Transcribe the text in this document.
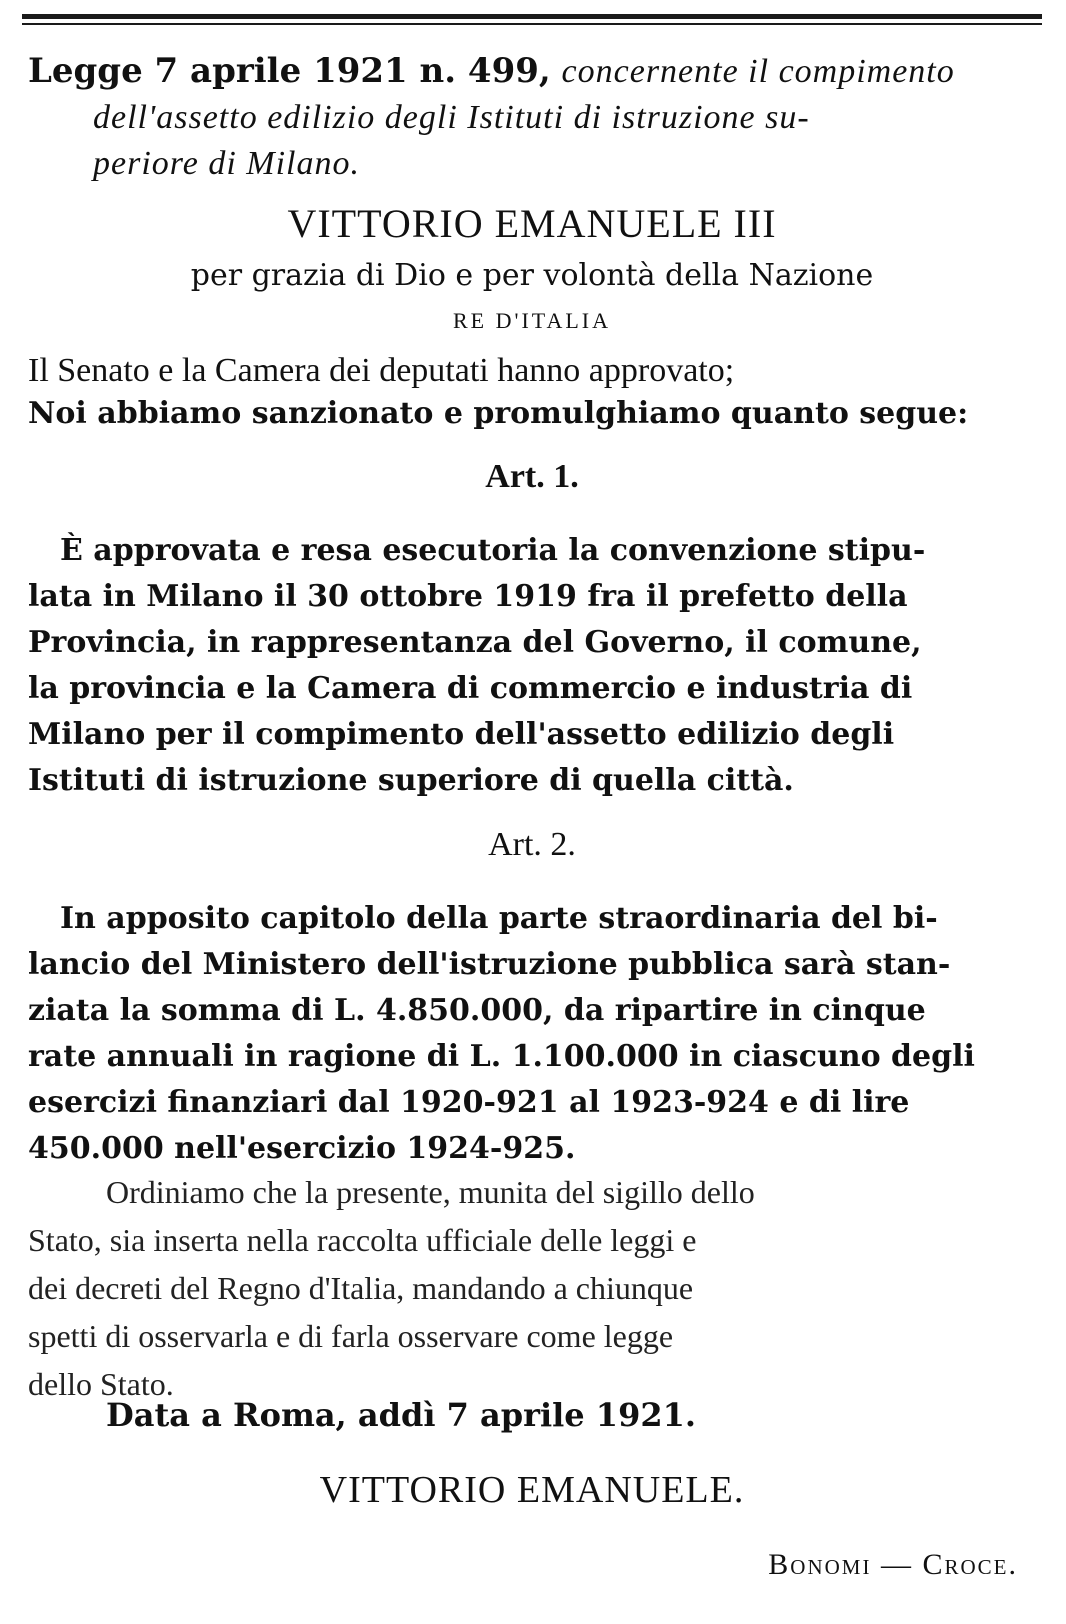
Legge 7 aprile 1921 n. 499, concernente il compimento
dell'assetto edilizio degli Istituti di istruzione su-
periore di Milano.
VITTORIO EMANUELE III
per grazia di Dio e per volontà della Nazione
RE D'ITALIA
Il Senato e la Camera dei deputati hanno approvato;
Noi abbiamo sanzionato e promulghiamo quanto segue:
Art. 1.
È approvata e resa esecutoria la convenzione stipu-
lata in Milano il 30 ottobre 1919 fra il prefetto della
Provincia, in rappresentanza del Governo, il comune,
la provincia e la Camera di commercio e industria di
Milano per il compimento dell'assetto edilizio degli
Istituti di istruzione superiore di quella città.
Art. 2.
In apposito capitolo della parte straordinaria del bi-
lancio del Ministero dell'istruzione pubblica sarà stan-
ziata la somma di L. 4.850.000, da ripartire in cinque
rate annuali in ragione di L. 1.100.000 in ciascuno degli
esercizi finanziari dal 1920-921 al 1923-924 e di lire
450.000 nell'esercizio 1924-925.
Ordiniamo che la presente, munita del sigillo dello
Stato, sia inserta nella raccolta ufficiale delle leggi e
dei decreti del Regno d'Italia, mandando a chiunque
spetti di osservarla e di farla osservare come legge
dello Stato.
Data a Roma, addì 7 aprile 1921.
VITTORIO EMANUELE.
Bonomi — Croce.
